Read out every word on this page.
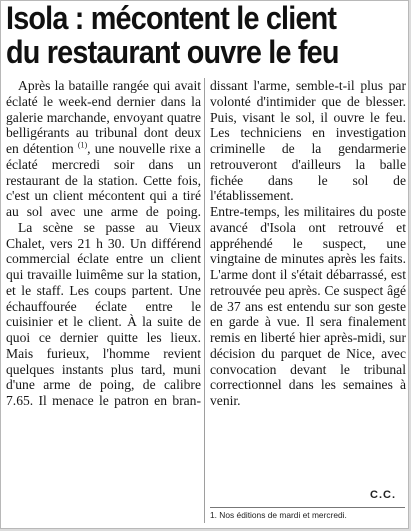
Isola : mécontent le client
du restaurant ouvre le feu

Après la bataille rangée qui avait éclaté le week-end dernier dans la galerie marchande, envoyant quatre belligérants au tribunal dont deux en détention $^{(1)}$, une nouvelle rixe a éclaté mercredi soir dans un restaurant de la station. Cette fois, c'est un client mécontent qui a tiré au sol avec une arme de poing.

La scène se passe au Vieux Chalet, vers 21 h 30. Un différend commercial éclate entre un client qui travaille luimême sur la station, et le staff. Les coups partent. Une échauffourée éclate entre le cuisinier et le client. À la suite de quoi ce dernier quitte les lieux. Mais furieux, l'homme revient quelques instants plus tard, muni d'une arme de poing, de calibre 7.65. Il menace le patron en bran-

dissant l'arme, semble-t-il plus par volonté d'intimider que de blesser. Puis, visant le sol, il ouvre le feu. Les techniciens en investigation criminelle de la gendarmerie retrouveront d'ailleurs la balle fichée dans le sol de l'établissement.

Entre-temps, les militaires du poste avancé d'Isola ont retrouvé et appréhendé le suspect, une vingtaine de minutes après les faits. L'arme dont il s'était débarrassé, est retrouvée peu après. Ce suspect âgé de 37 ans est entendu sur son geste en garde à vue. Il sera finalement remis en liberté hier après-midi, sur décision du parquet de Nice, avec convocation devant le tribunal correctionnel dans les semaines à venir.

C.C.
1. Nos éditions de mardi et mercredi.
